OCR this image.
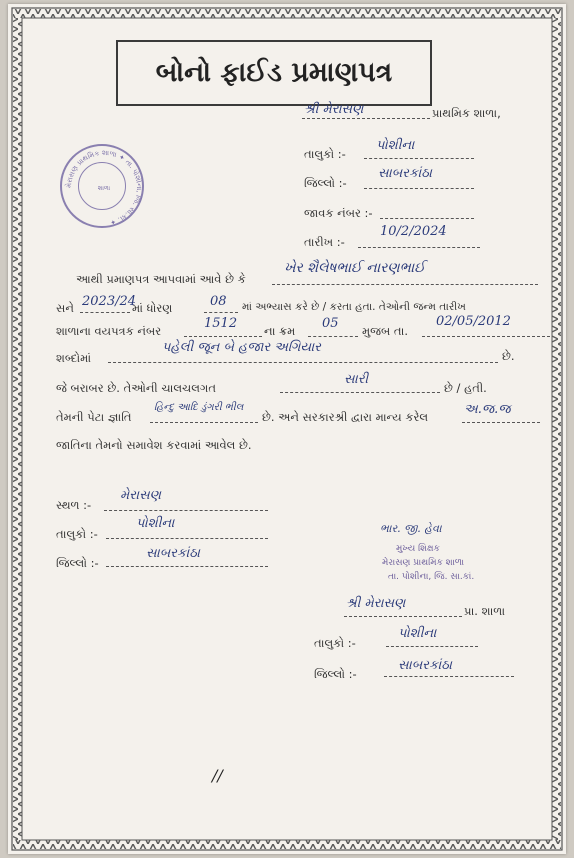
બોનો ફાઈડ પ્રમાણપત્ર
મેરાસણ પ્રાથમિક શાળા ✦ તા. પોશીના, જિ. સા.કાં. ✦
શાળા
શ્રી મેરાસણ	પ્રાથમિક શાળા,
તાલુકો :-
પોશીના
જિલ્લો :-
સાબરકાંઠા
જાવક નંબર :-
તારીખ :-
10/2/2024
આથી પ્રમાણપત્ર આપવામાં આવે છે કે
ખેર શૈલેષભાઈ નારણભાઈ
સને 2023/24
માં ધોરણ	08 માં અભ્યાસ કરે છે / કરતા હતા. તેઓની જન્મ તારીખ
શાળાના વયપત્રક નંબર	1512 ના ક્રમ 05 મુજબ તા.
02/05/2012
શબ્દોમાં
પહેલી જૂન બે હજાર અગિયાર
છે.
જે બરાબર છે. તેઓની ચાલચલગત
સારી
છે / હતી.
તેમની પેટા જ્ઞાતિ
હિન્દુ આદિ ડુંગરી ભીલ
છે. અને સરકારશ્રી દ્વારા માન્ય કરેલ	અ.જ.જ
જાતિના તેમનો સમાવેશ કરવામાં આવેલ છે.
સ્થળ :-
મેરાસણ
તાલુકો :-
પોશીના
જિલ્લો :-
સાબરકાંઠા
ભાર. જી. હેવા
મુખ્ય શિક્ષક
મેરાસણ પ્રાથમિક શાળા
તા. પોશીના, જિ. સા.કાં.
શ્રી મેરાસણ	પ્રા. શાળા
તાલુકો :-
પોશીના
જિલ્લો :-
સાબરકાંઠા
//
